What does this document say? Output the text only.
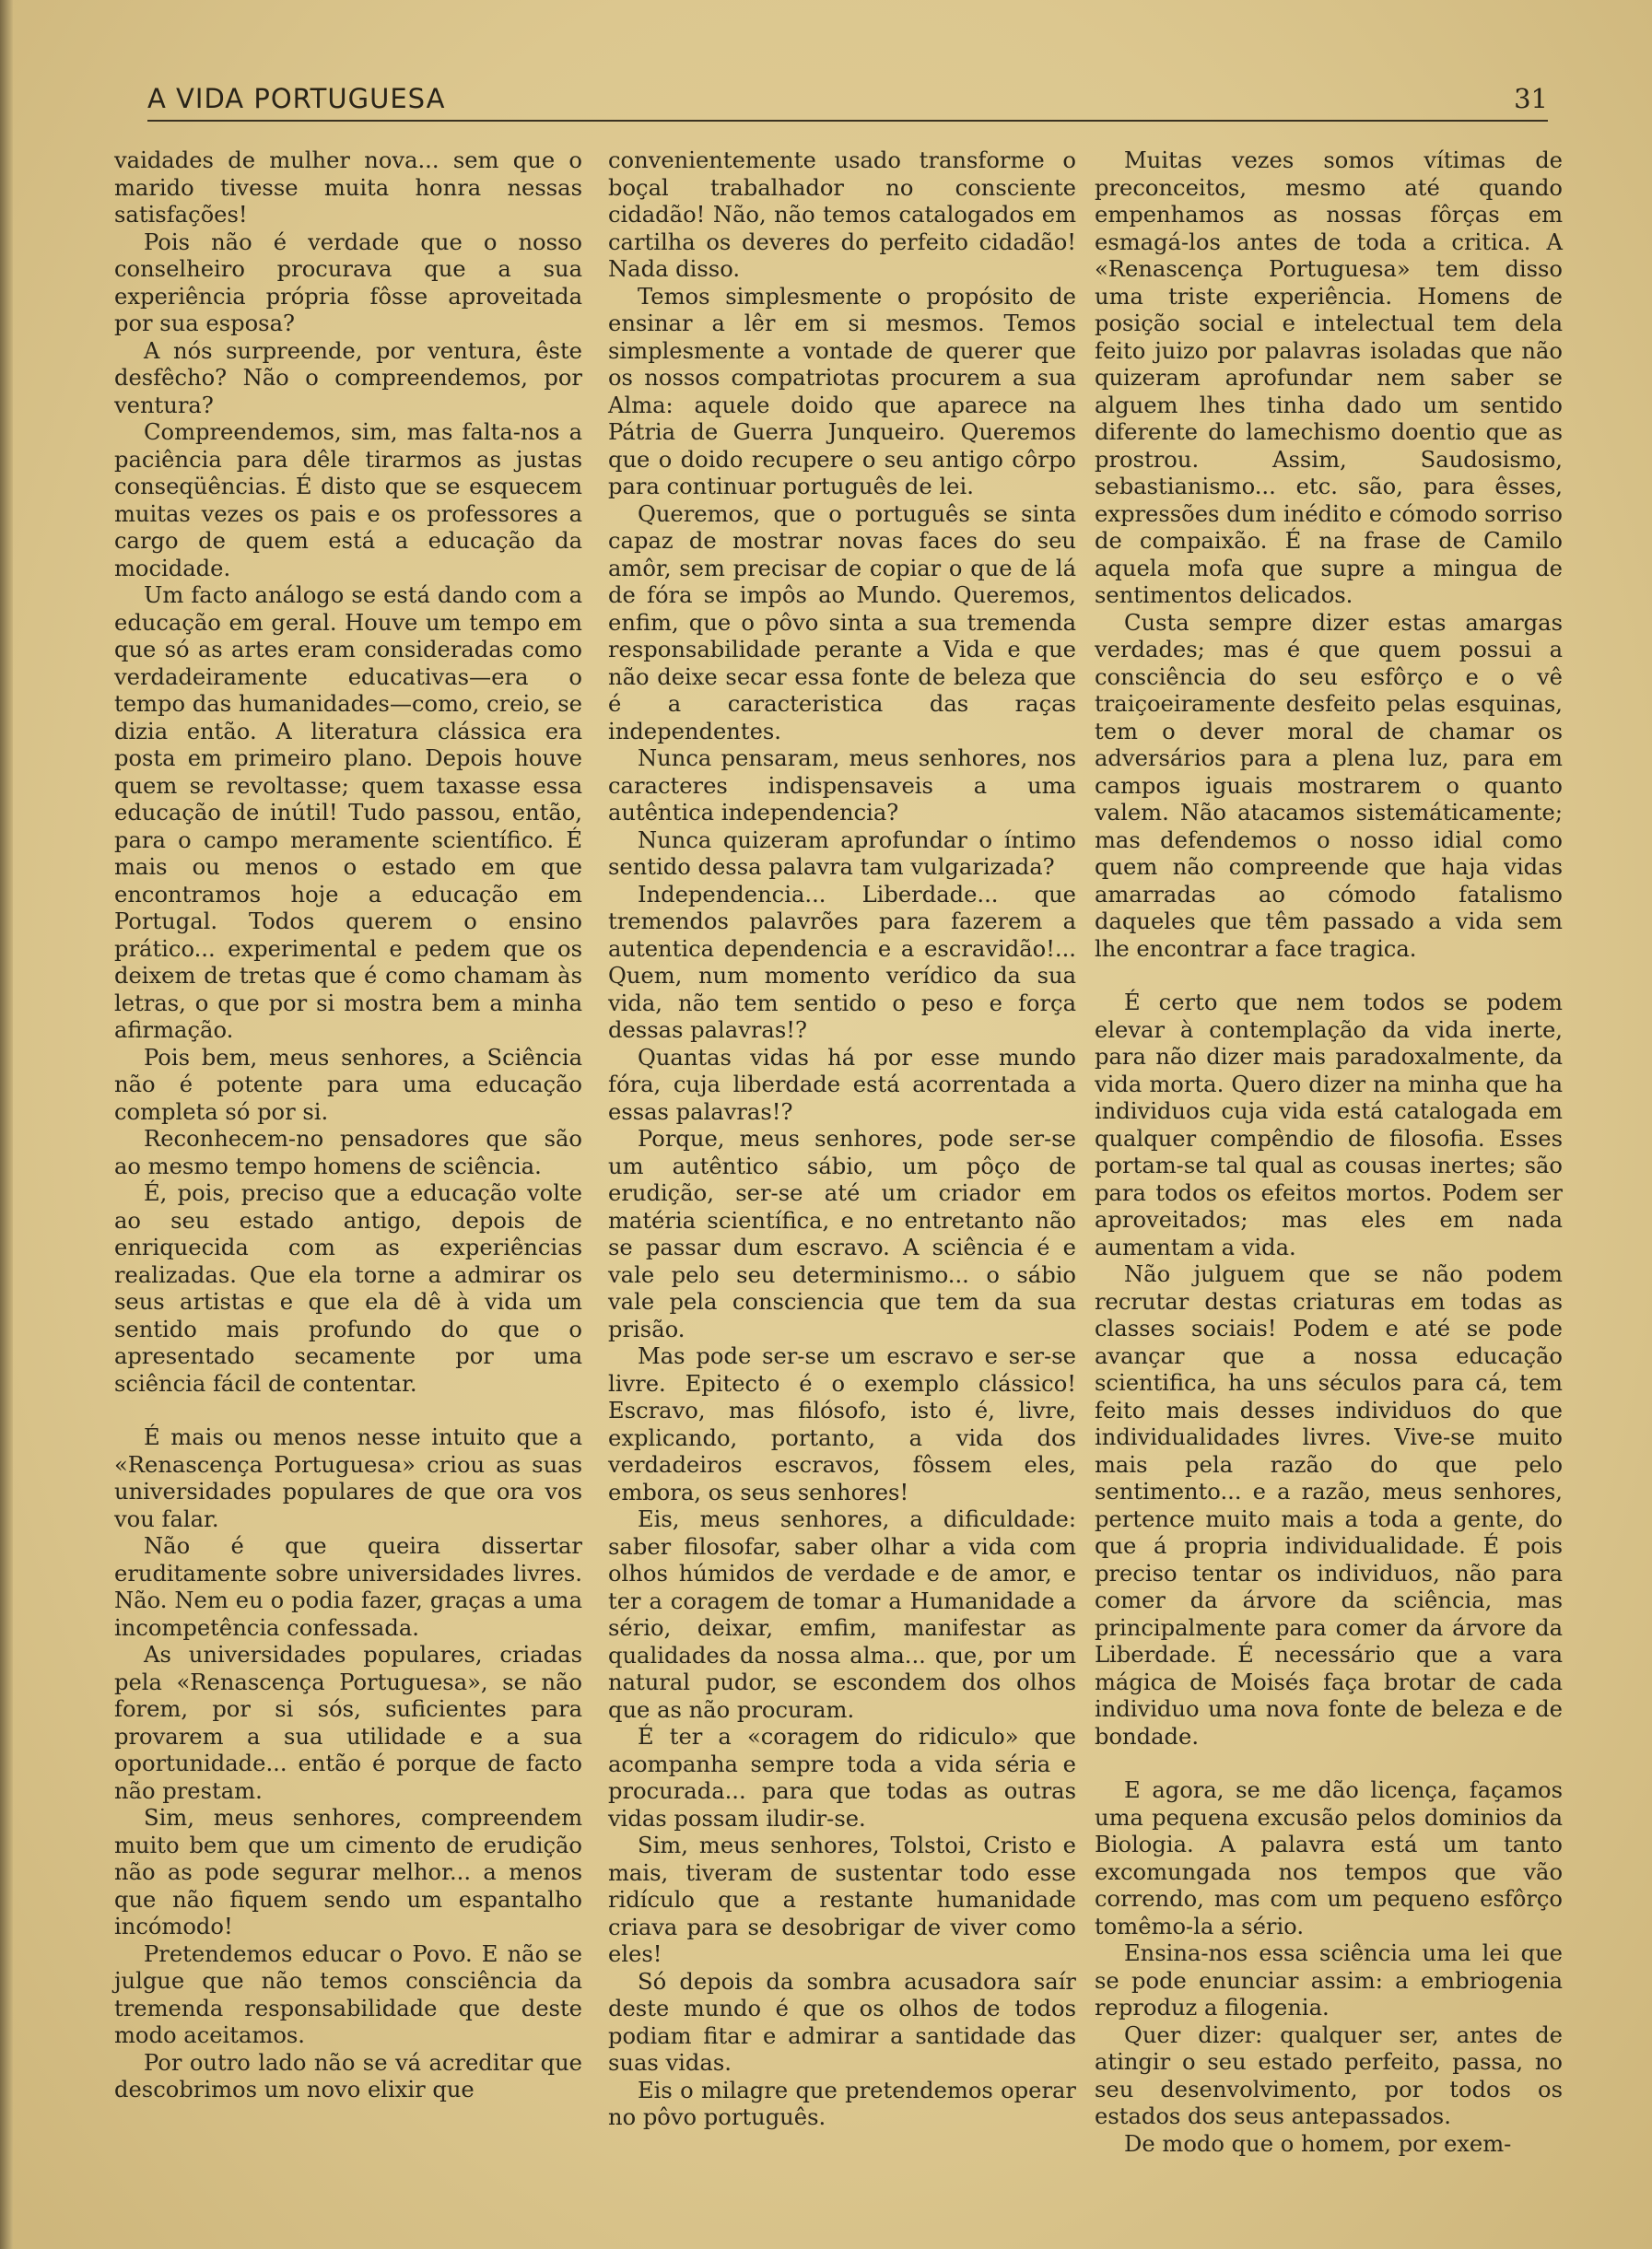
A VIDA PORTUGUESA	31

vaidades de mulher nova... sem que o marido tivesse muita honra nessas satisfações!

Pois não é verdade que o nosso conselheiro procurava que a sua experiência própria fôsse aproveitada por sua esposa?

A nós surpreende, por ventura, êste desfêcho? Não o compreendemos, por ventura?

Compreendemos, sim, mas falta-nos a paciência para dêle tirarmos as justas conseqüências. É disto que se esquecem muitas vezes os pais e os professores a cargo de quem está a educação da mocidade.

Um facto análogo se está dando com a educação em geral. Houve um tempo em que só as artes eram consideradas como verdadeiramente educativas—era o tempo das humanidades—como, creio, se dizia então. A literatura clássica era posta em primeiro plano. Depois houve quem se revoltasse; quem taxasse essa educação de inútil! Tudo passou, então, para o campo meramente scientífico. É mais ou menos o estado em que encontramos hoje a educação em Portugal. Todos querem o ensino prático... experimental e pedem que os deixem de tretas que é como chamam às letras, o que por si mostra bem a minha afirmação.

Pois bem, meus senhores, a Sciência não é potente para uma educação completa só por si.

Reconhecem-no pensadores que são ao mesmo tempo homens de sciência.

É, pois, preciso que a educação volte ao seu estado antigo, depois de enriquecida com as experiências realizadas. Que ela torne a admirar os seus artistas e que ela dê à vida um sentido mais profundo do que o apresentado secamente por uma sciência fácil de contentar.

É mais ou menos nesse intuito que a «Renascença Portuguesa» criou as suas universidades populares de que ora vos vou falar.

Não é que queira dissertar eruditamente sobre universidades livres. Não. Nem eu o podia fazer, graças a uma incompetência confessada.

As universidades populares, criadas pela «Renascença Portuguesa», se não forem, por si sós, suficientes para provarem a sua utilidade e a sua oportunidade... então é porque de facto não prestam.

Sim, meus senhores, compreendem muito bem que um cimento de erudição não as pode segurar melhor... a menos que não fiquem sendo um espantalho incómodo!

Pretendemos educar o Povo. E não se julgue que não temos consciência da tremenda responsabilidade que deste modo aceitamos.

Por outro lado não se vá acreditar que descobrimos um novo elixir que

convenientemente usado transforme o boçal trabalhador no consciente cidadão! Não, não temos catalogados em cartilha os deveres do perfeito cidadão! Nada disso.

Temos simplesmente o propósito de ensinar a lêr em si mesmos. Temos simplesmente a vontade de querer que os nossos compatriotas procurem a sua Alma: aquele doido que aparece na Pátria de Guerra Junqueiro. Queremos que o doido recupere o seu antigo côrpo para continuar português de lei.

Queremos, que o português se sinta capaz de mostrar novas faces do seu amôr, sem precisar de copiar o que de lá de fóra se impôs ao Mundo. Queremos, enfim, que o pôvo sinta a sua tremenda responsabilidade perante a Vida e que não deixe secar essa fonte de beleza que é a caracteristica das raças independentes.

Nunca pensaram, meus senhores, nos caracteres indispensaveis a uma autêntica independencia?

Nunca quizeram aprofundar o íntimo sentido dessa palavra tam vulgarizada?

Independencia... Liberdade... que tremendos palavrões para fazerem a autentica dependencia e a escravidão!... Quem, num momento verídico da sua vida, não tem sentido o peso e força dessas palavras!?

Quantas vidas há por esse mundo fóra, cuja liberdade está acorrentada a essas palavras!?

Porque, meus senhores, pode ser-se um autêntico sábio, um pôço de erudição, ser-se até um criador em matéria scientífica, e no entretanto não se passar dum escravo. A sciência é e vale pelo seu determinismo... o sábio vale pela consciencia que tem da sua prisão.

Mas pode ser-se um escravo e ser-se livre. Epitecto é o exemplo clássico! Escravo, mas filósofo, isto é, livre, explicando, portanto, a vida dos verdadeiros escravos, fôssem eles, embora, os seus senhores!

Eis, meus senhores, a dificuldade: saber filosofar, saber olhar a vida com olhos húmidos de verdade e de amor, e ter a coragem de tomar a Humanidade a sério, deixar, emfim, manifestar as qualidades da nossa alma... que, por um natural pudor, se escondem dos olhos que as não procuram.

É ter a «coragem do ridiculo» que acompanha sempre toda a vida séria e procurada... para que todas as outras vidas possam iludir-se.

Sim, meus senhores, Tolstoi, Cristo e mais, tiveram de sustentar todo esse ridículo que a restante humanidade criava para se desobrigar de viver como eles!

Só depois da sombra acusadora saír deste mundo é que os olhos de todos podiam fitar e admirar a santidade das suas vidas.

Eis o milagre que pretendemos operar no pôvo português.

Muitas vezes somos vítimas de preconceitos, mesmo até quando empenhamos as nossas fôrças em esmagá-los antes de toda a critica. A «Renascença Portuguesa» tem disso uma triste experiência. Homens de posição social e intelectual tem dela feito juizo por palavras isoladas que não quizeram aprofundar nem saber se alguem lhes tinha dado um sentido diferente do lamechismo doentio que as prostrou. Assim, Saudosismo, sebastianismo... etc. são, para êsses, expressões dum inédito e cómodo sorriso de compaixão. É na frase de Camilo aquela mofa que supre a mingua de sentimentos delicados.

Custa sempre dizer estas amargas verdades; mas é que quem possui a consciência do seu esfôrço e o vê traiçoeiramente desfeito pelas esquinas, tem o dever moral de chamar os adversários para a plena luz, para em campos iguais mostrarem o quanto valem. Não atacamos sistemáticamente; mas defendemos o nosso idial como quem não compreende que haja vidas amarradas ao cómodo fatalismo daqueles que têm passado a vida sem lhe encontrar a face tragica.

É certo que nem todos se podem elevar à contemplação da vida inerte, para não dizer mais paradoxalmente, da vida morta. Quero dizer na minha que ha individuos cuja vida está catalogada em qualquer compêndio de filosofia. Esses portam-se tal qual as cousas inertes; são para todos os efeitos mortos. Podem ser aproveitados; mas eles em nada aumentam a vida.

Não julguem que se não podem recrutar destas criaturas em todas as classes sociais! Podem e até se pode avançar que a nossa educação scientifica, ha uns séculos para cá, tem feito mais desses individuos do que individualidades livres. Vive-se muito mais pela razão do que pelo sentimento... e a razão, meus senhores, pertence muito mais a toda a gente, do que á propria individualidade. É pois preciso tentar os individuos, não para comer da árvore da sciência, mas principalmente para comer da árvore da Liberdade. É necessário que a vara mágica de Moisés faça brotar de cada individuo uma nova fonte de beleza e de bondade.

E agora, se me dão licença, façamos uma pequena excusão pelos dominios da Biologia. A palavra está um tanto excomungada nos tempos que vão correndo, mas com um pequeno esfôrço tomêmo-la a sério.

Ensina-nos essa sciência uma lei que se pode enunciar assim: a embriogenia reproduz a filogenia.

Quer dizer: qualquer ser, antes de atingir o seu estado perfeito, passa, no seu desenvolvimento, por todos os estados dos seus antepassados.

De modo que o homem, por exem-
